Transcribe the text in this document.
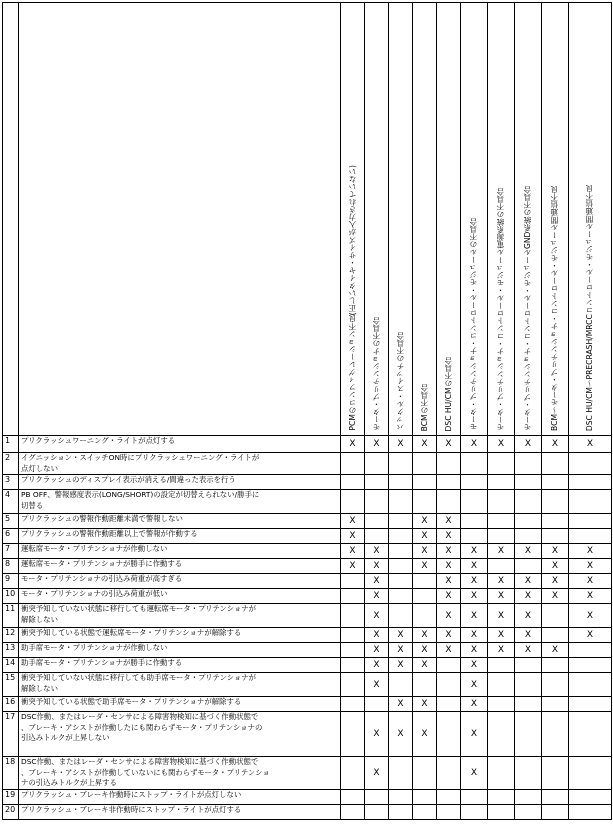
		PCMのコンフィグレーション不良(正しいタイヤ・サイズが入力されていない)	モータ・プリテンショナの不具合	バックル・スイッチの不具合	BCMの不具合	DSC HU/CMの不具合	モータ・プリテンショナ・コントロール・モジュールの不具合	モータ・プリテンショナ・コントロール・モジュール電源系統の不具合	モータ・プリテンショナ・コントロール・モジュールGND系統の不具合	BCM〜モータ・プリテンショナ・コントロール・モジュール間通信不良	DSC HU/CM〜PRECRASH/MRCCコントロール・モジュール間通信不良

1	プリクラッシュワーニング・ライトが点灯する	X	X	X	X	X	X	X	X	X	X
2	イグニッション・スイッチON時にプリクラッシュワーニング・ライトが
点灯しない										
3	プリクラッシュのディスプレイ表示が消える/間違った表示を行う										
4	PB OFF、警報感度表示(LONG/SHORT)の設定が切替えられない/勝手に
切替る										
5	プリクラッシュの警報作動距離未満で警報しない	X			X	X					
6	プリクラッシュの警報作動距離以上で警報が作動する	X			X	X					
7	運転席モータ・プリテンショナが作動しない	X	X		X	X	X	X	X	X	X
8	運転席モータ・プリテンショナが勝手に作動する	X	X		X	X	X			X	X
9	モータ・プリテンショナの引込み荷重が高すぎる		X			X	X	X	X	X	X
10	モータ・プリテンショナの引込み荷重が低い		X			X	X	X	X	X	X
11	衝突予知していない状態に移行しても運転席モータ・プリテンショナが
解除しない		X			X	X	X	X		X
12	衝突予知している状態で運転席モータ・プリテンショナが解除する		X	X	X	X	X	X	X		X
13	助手席モータ・プリテンショナが作動しない		X	X	X	X	X	X	X	X	
14	助手席モータ・プリテンショナが勝手に作動する		X	X	X		X				
15	衝突予知していない状態に移行しても助手席モータ・プリテンショナが
解除しない		X				X				
16	衝突予知している状態で助手席モータ・プリテンショナが解除する			X	X		X				
17	DSC作動、またはレーダ・センサによる障害物検知に基づく作動状態で
、ブレーキ・アシストが作動したにも関わらずモータ・プリテンショナの
引込みトルクが上昇しない		X	X	X		X				
18	DSC作動、またはレーダ・センサによる障害物検知に基づく作動状態で
、ブレーキ・アシストが作動していないにも関わらずモータ・プリテンショ
ナの引込みトルクが上昇する		X				X				
19	プリクラッシュ・ブレーキ作動時にストップ・ライトが点灯しない										
20	プリクラッシュ・ブレーキ非作動時にストップ・ライトが点灯する										
